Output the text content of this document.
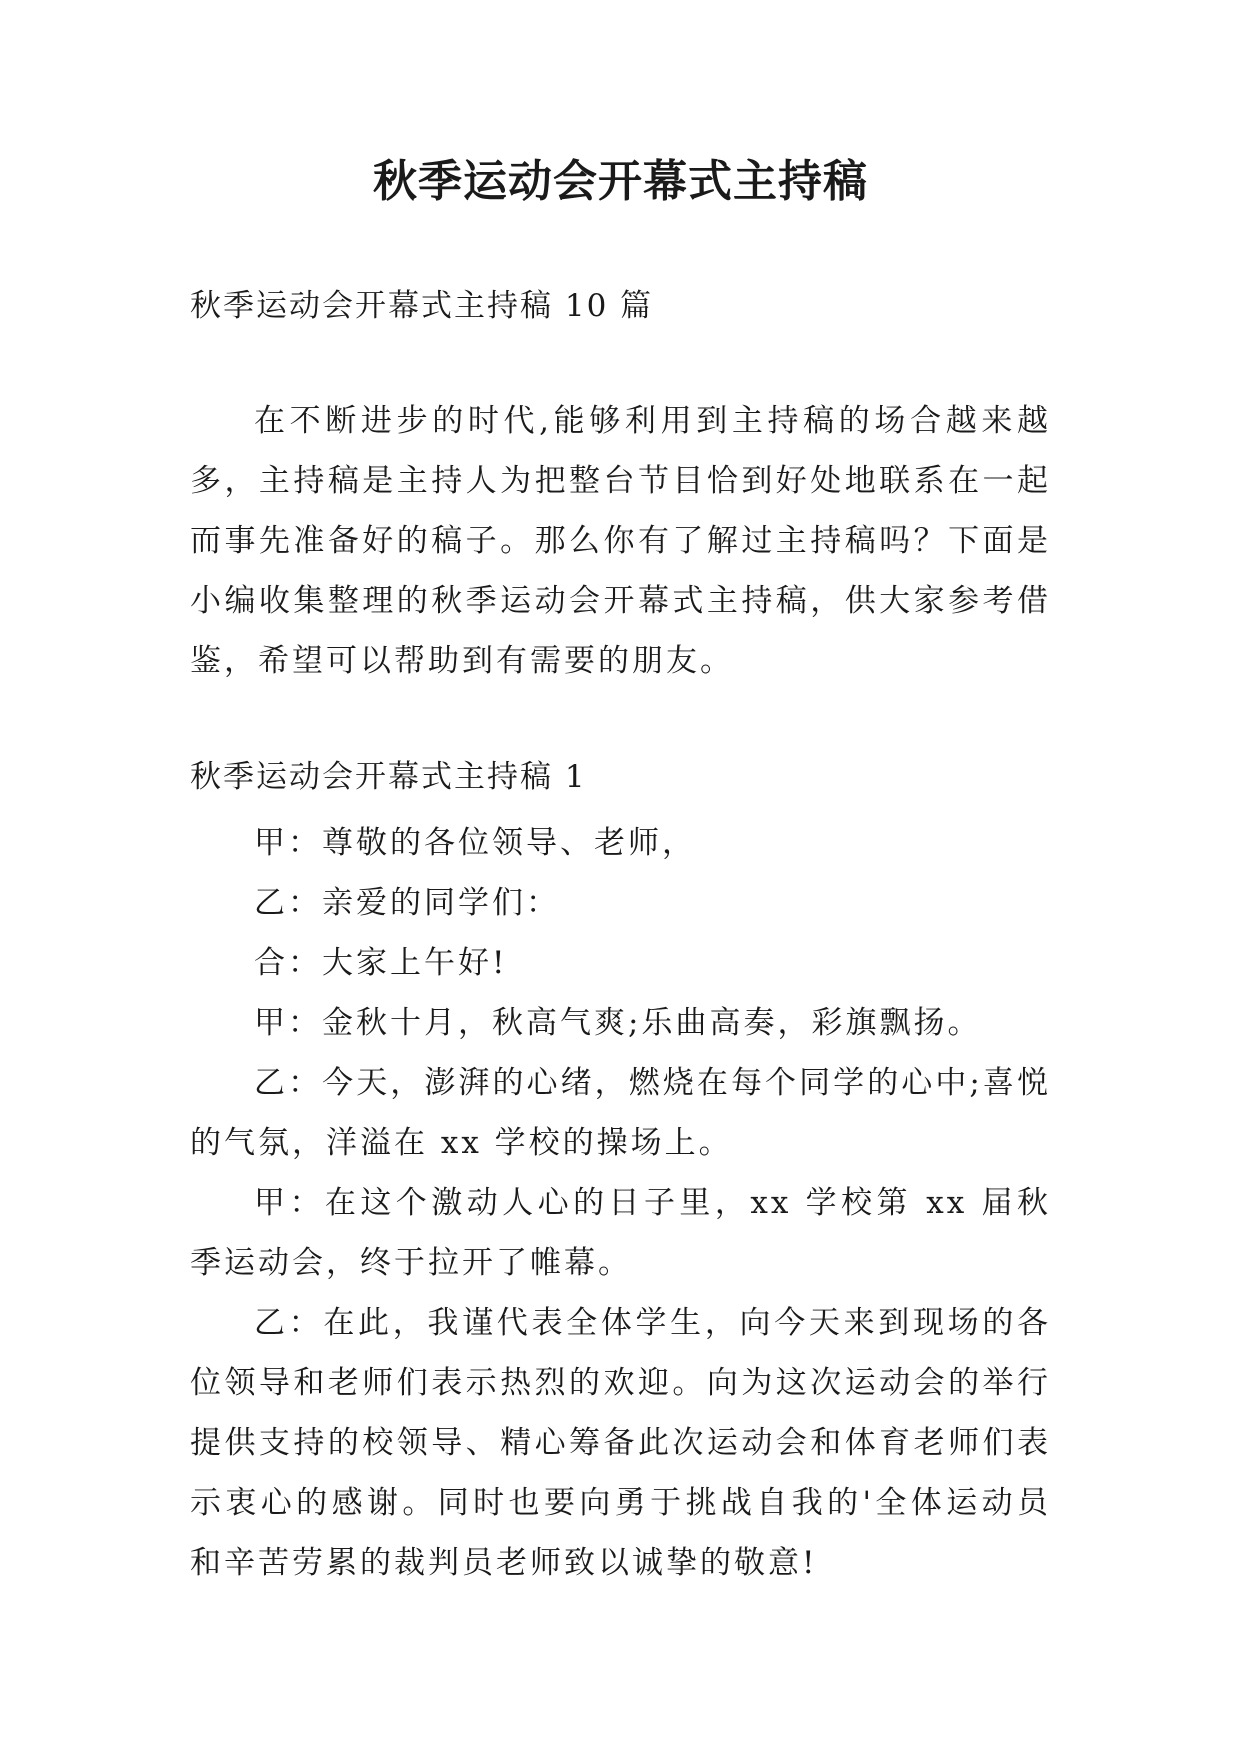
秋季运动会开幕式主持稿

秋季运动会开幕式主持稿 10 篇

在不断进步的时代,能够利用到主持稿的场合越来越多，主持稿是主持人为把整台节目恰到好处地联系在一起而事先准备好的稿子。那么你有了解过主持稿吗？下面是小编收集整理的秋季运动会开幕式主持稿，供大家参考借鉴，希望可以帮助到有需要的朋友。

秋季运动会开幕式主持稿 1

甲：尊敬的各位领导、老师，

乙：亲爱的同学们：

合：大家上午好!

甲：金秋十月，秋高气爽;乐曲高奏，彩旗飘扬。

乙：今天，澎湃的心绪，燃烧在每个同学的心中;喜悦的气氛，洋溢在 xx 学校的操场上。

甲：在这个激动人心的日子里，xx 学校第 xx 届秋季运动会，终于拉开了帷幕。

乙：在此，我谨代表全体学生，向今天来到现场的各位领导和老师们表示热烈的欢迎。向为这次运动会的举行提供支持的校领导、精心筹备此次运动会和体育老师们表示衷心的感谢。同时也要向勇于挑战自我的'全体运动员和辛苦劳累的裁判员老师致以诚挚的敬意!
